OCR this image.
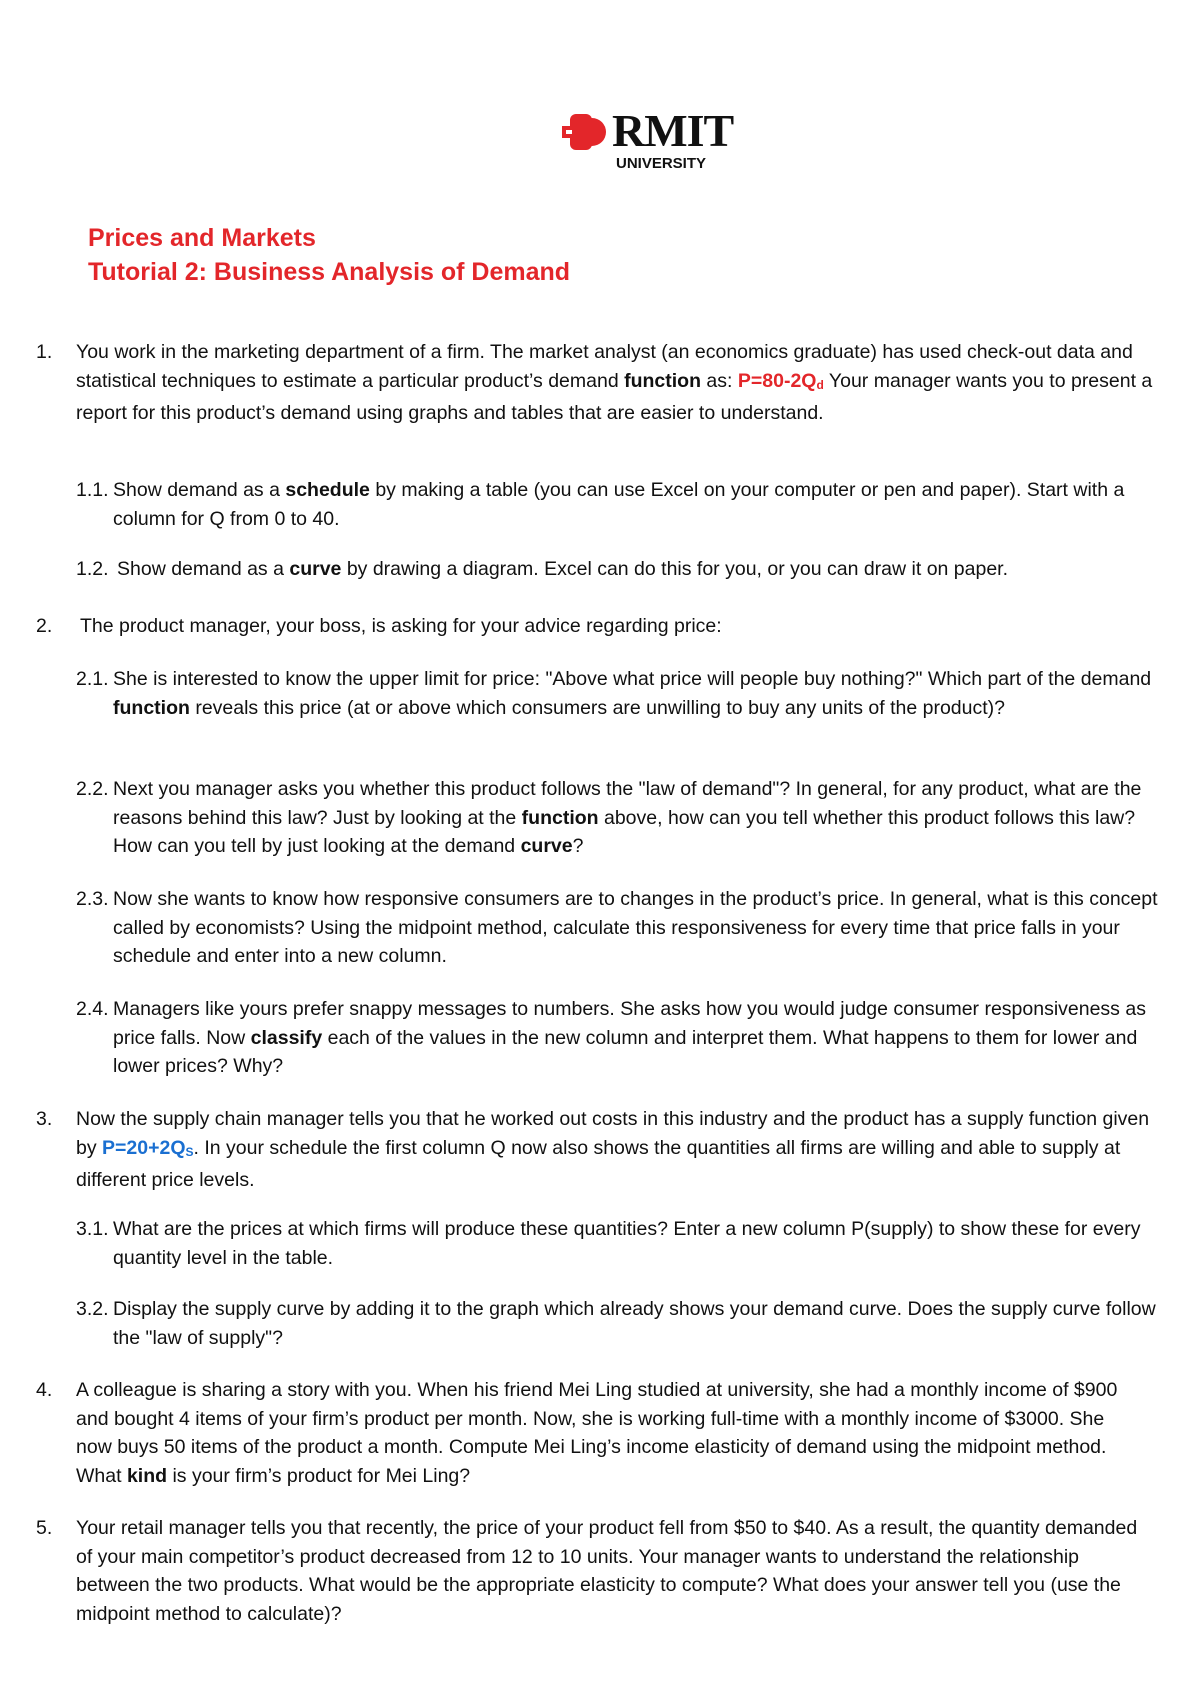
RMIT
UNIVERSITY
Prices and Markets
Tutorial 2: Business Analysis of Demand
1. You work in the marketing department of a firm. The market analyst (an economics graduate) has used check-out data and statistical techniques to estimate a particular product’s demand function as: P=80-2Qd Your manager wants you to present a report for this product’s demand using graphs and tables that are easier to understand.

1.1. Show demand as a schedule by making a table (you can use Excel on your computer or pen and paper). Start with a column for Q from 0 to 40.

1.2. Show demand as a curve by drawing a diagram. Excel can do this for you, or you can draw it on paper.

2. The product manager, your boss, is asking for your advice regarding price:

2.1. She is interested to know the upper limit for price: "Above what price will people buy nothing?" Which part of the demand function reveals this price (at or above which consumers are unwilling to buy any units of the product)?

2.2. Next you manager asks you whether this product follows the "law of demand"? In general, for any product, what are the reasons behind this law? Just by looking at the function above, how can you tell whether this product follows this law? How can you tell by just looking at the demand curve?

2.3. Now she wants to know how responsive consumers are to changes in the product’s price. In general, what is this concept called by economists? Using the midpoint method, calculate this responsiveness for every time that price falls in your schedule and enter into a new column.

2.4. Managers like yours prefer snappy messages to numbers. She asks how you would judge consumer responsiveness as price falls. Now classify each of the values in the new column and interpret them. What happens to them for lower and lower prices? Why?

3. Now the supply chain manager tells you that he worked out costs in this industry and the product has a supply function given by P=20+2QS. In your schedule the first column Q now also shows the quantities all firms are willing and able to supply at different price levels.

3.1. What are the prices at which firms will produce these quantities? Enter a new column P(supply) to show these for every quantity level in the table.

3.2. Display the supply curve by adding it to the graph which already shows your demand curve. Does the supply curve follow the "law of supply"?

4. A colleague is sharing a story with you. When his friend Mei Ling studied at university, she had a monthly income of $900 and bought 4 items of your firm’s product per month. Now, she is working full-time with a monthly income of $3000. She now buys 50 items of the product a month. Compute Mei Ling’s income elasticity of demand using the midpoint method. What kind is your firm’s product for Mei Ling?

5. Your retail manager tells you that recently, the price of your product fell from $50 to $40. As a result, the quantity demanded of your main competitor’s product decreased from 12 to 10 units. Your manager wants to understand the relationship between the two products. What would be the appropriate elasticity to compute? What does your answer tell you (use the midpoint method to calculate)?
